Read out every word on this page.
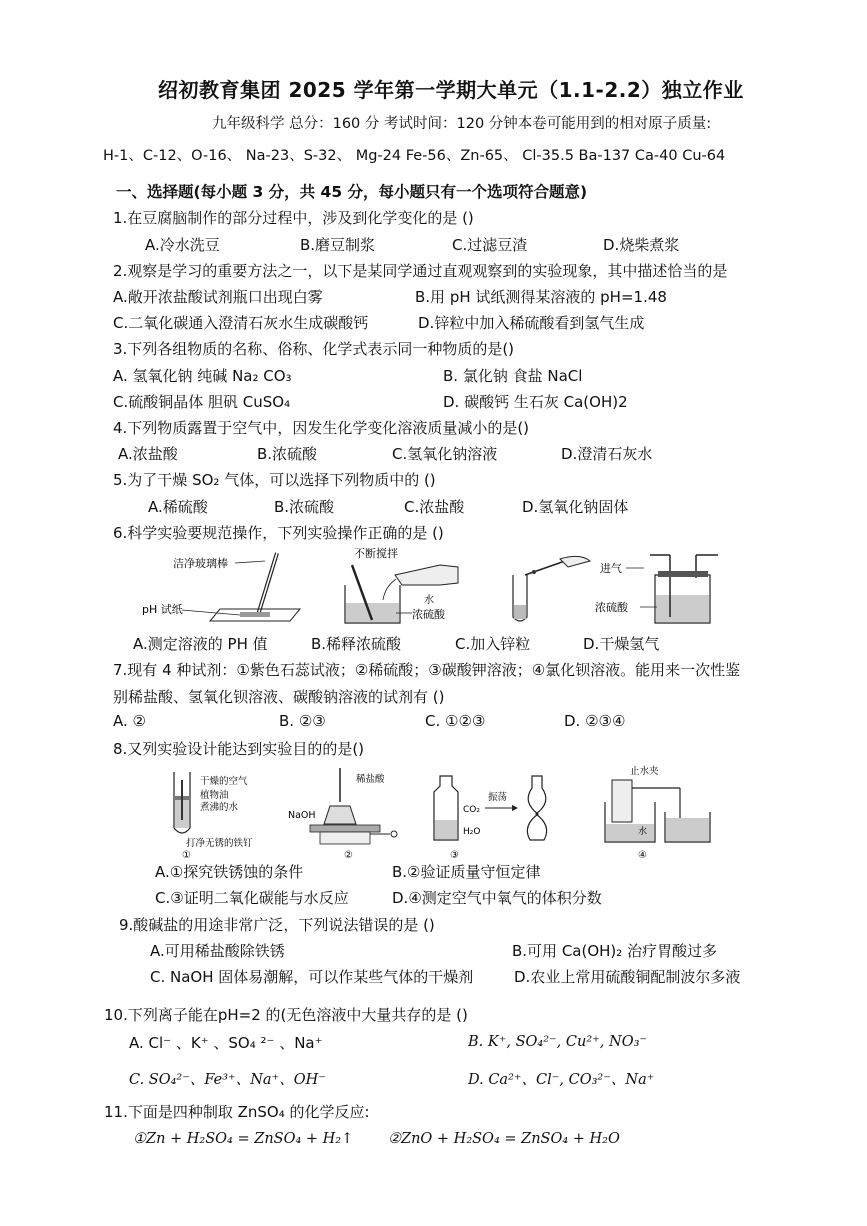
绍初教育集团 2025 学年第一学期大单元（1.1-2.2）独立作业
九年级科学 总分：160 分 考试时间：120 分钟本卷可能用到的相对原子质量:
H-1、C-12、O-16、 Na-23、S-32、 Mg-24 Fe-56、Zn-65、 Cl-35.5 Ba-137 Ca-40 Cu-64
一、选择题(每小题 3 分，共 45 分，每小题只有一个选项符合题意)
1.在豆腐脑制作的部分过程中，涉及到化学变化的是 ()
A.冷水洗豆	B.磨豆制浆	C.过滤豆渣	D.烧柴煮浆
2.观察是学习的重要方法之一，以下是某同学通过直观观察到的实验现象，其中描述恰当的是
A.敞开浓盐酸试剂瓶口出现白雾	B.用 pH 试纸测得某溶液的 pH=1.48
C.二氧化碳通入澄清石灰水生成碳酸钙	D.锌粒中加入稀硫酸看到氢气生成
3.下列各组物质的名称、俗称、化学式表示同一种物质的是()
A. 氢氧化钠 纯碱 Na₂ CO₃	B. 氯化钠 食盐 NaCl
C.硫酸铜晶体 胆矾 CuSO₄	D. 碳酸钙 生石灰 Ca(OH)2
4.下列物质露置于空气中，因发生化学变化溶液质量减小的是()
A.浓盐酸	B.浓硫酸	C.氢氧化钠溶液	D.澄清石灰水
5.为了干燥 SO₂ 气体，可以选择下列物质中的 ()
A.稀硫酸	B.浓硫酸	C.浓盐酸	D.氢氧化钠固体
6.科学实验要规范操作，下列实验操作正确的是 ()
洁净玻璃棒
pH 试纸
不断搅拌
水
浓硫酸
进气
浓硫酸
A.测定溶液的 PH 值	B.稀释浓硫酸	C.加入锌粒	D.干燥氢气
7.现有 4 种试剂：①紫色石蕊试液；②稀硫酸；③碳酸钾溶液；④氯化钡溶液。能用来一次性鉴
别稀盐酸、氢氧化钡溶液、碳酸钠溶液的试剂有 ()
A. ②	B. ②③	C. ①②③	D. ②③④
8.又列实验设计能达到实验目的的是()
干燥的空气
植物油
煮沸的水
打净无锈的铁钉
①
稀盐酸
NaOH
②
CO₂
H₂O
振荡
③
止水夹
水
④
A.①探究铁锈蚀的条件	B.②验证质量守恒定律
C.③证明二氧化碳能与水反应	D.④测定空气中氧气的体积分数
9.酸碱盐的用途非常广泛，下列说法错误的是 ()
A.可用稀盐酸除铁锈	B.可用 Ca(OH)₂ 治疗胃酸过多
C. NaOH 固体易潮解，可以作某些气体的干燥剂	D.农业上常用硫酸铜配制波尔多液
10.下列离子能在pH=2 的(无色溶液中大量共存的是 ()
A. Cl⁻ 、K⁺ 、SO₄ ²⁻ 、Na⁺	B. K⁺, SO₄²⁻, Cu²⁺, NO₃⁻
C. SO₄²⁻、Fe³⁺、Na⁺、OH⁻	D. Ca²⁺、Cl⁻, CO₃²⁻、Na⁺
11.下面是四种制取 ZnSO₄ 的化学反应:
①Zn + H₂SO₄ = ZnSO₄ + H₂↑ ②ZnO + H₂SO₄ = ZnSO₄ + H₂O
